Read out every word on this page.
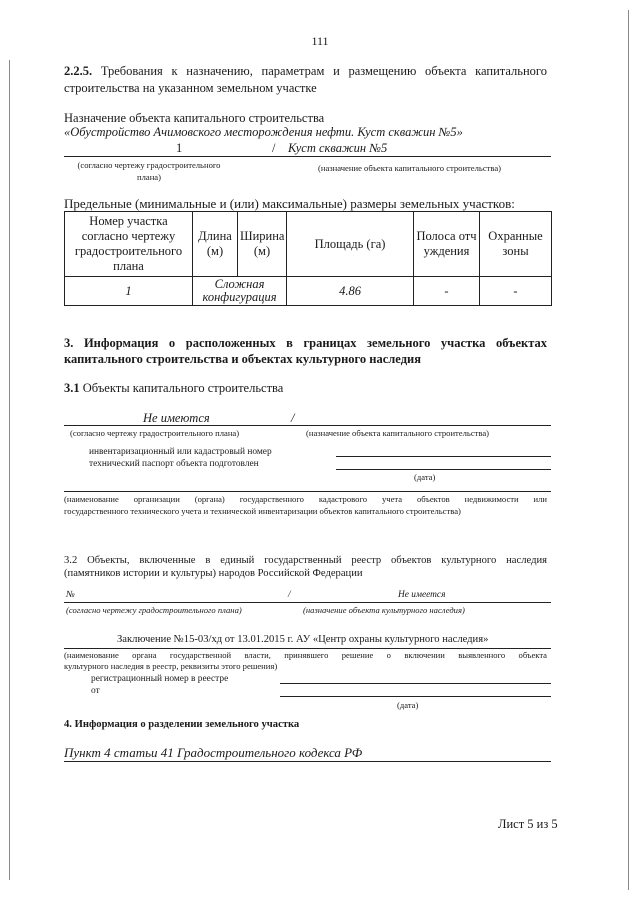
111
2.2.5. Требования к назначению, параметрам и размещению объекта капитального
строительства на указанном земельном участке
Назначение объекта капитального строительства
«Обустройство Ачимовского месторождения нефти. Куст скважин №5»
1	/ Куст скважин №5
(согласно чертежу градостроительного
плана)
(назначение объекта капитального строительства)
Предельные (минимальные и (или) максимальные) размеры земельных участков:
Номер участка согласно чертежу градостроительного плана	Длина (м)	Ширина (м)	Площадь (га)	Полоса отчуждения	Охранные зоны
1	Сложная конфигурация		4.86	-	-
3. Информация о расположенных в границах земельного участка объектах
капитального строительства и объектах культурного наследия
3.1 Объекты капитального строительства
Не имеются	/
(согласно чертежу градостроительного плана)	(назначение объекта капитального строительства)
инвентаризационный или кадастровый номер
технический паспорт объекта подготовлен
(дата)
(наименование организации (органа) государственного кадастрового учета объектов недвижимости или
государственного технического учета и технической инвентаризации объектов капитального строительства)
3.2 Объекты, включенные в единый государственный реестр объектов культурного наследия
(памятников истории и культуры) народов Российской Федерации
№	/	Не имеется
(согласно чертежу градостроительного плана)	(назначение объекта культурного наследия)
Заключение №15-03/хд от 13.01.2015 г. АУ «Центр охраны культурного наследия»
(наименование органа государственной власти, принявшего решение о включении выявленного объекта
культурного наследия в реестр, реквизиты этого решения)
регистрационный номер в реестре
от
(дата)
4. Информация о разделении земельного участка
Пункт 4 статьи 41 Градостроительного кодекса РФ
Лист 5 из 5
